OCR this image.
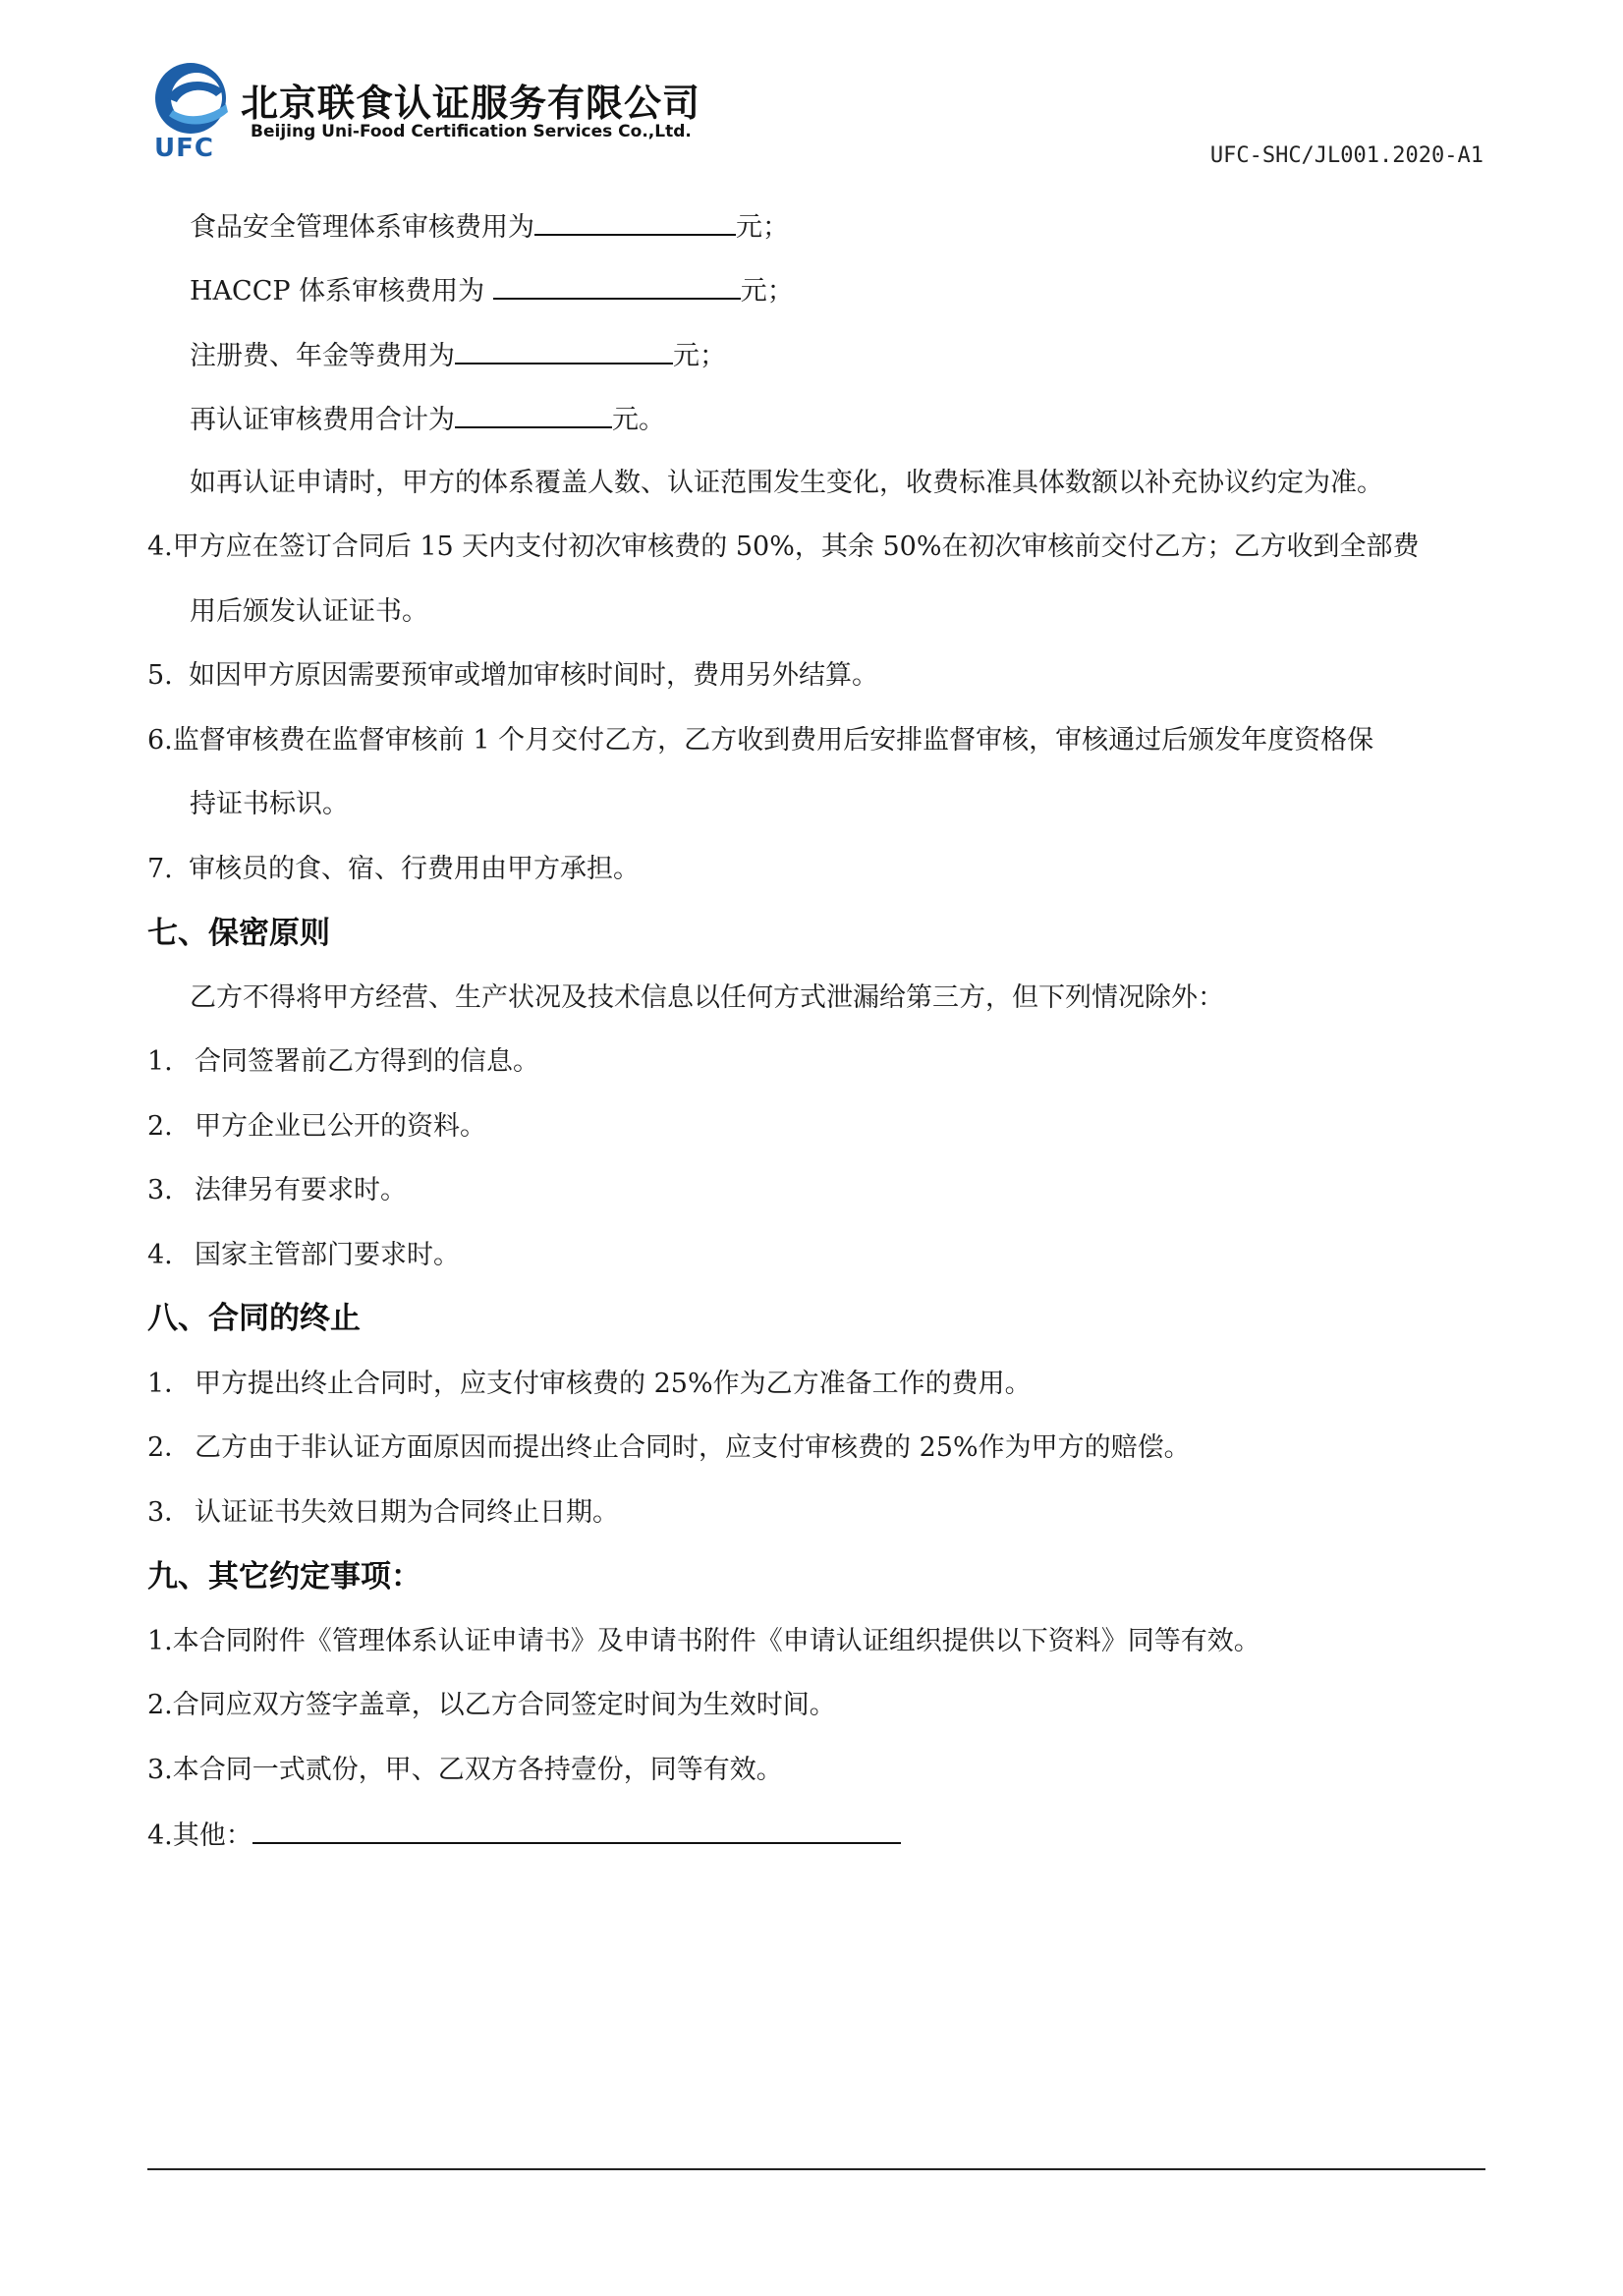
UFC
北京联食认证服务有限公司
Beijing Uni-Food Certification Services Co.,Ltd.
UFC-SHC/JL001.2020-A1
食品安全管理体系审核费用为	元；
HACCP 体系审核费用为	元；
注册费、年金等费用为	元；
再认证审核费用合计为	元。
如再认证申请时，甲方的体系覆盖人数、认证范围发生变化，收费标准具体数额以补充协议约定为准。
4.甲方应在签订合同后 15 天内支付初次审核费的 50%，其余 50%在初次审核前交付乙方；乙方收到全部费
用后颁发认证证书。
5. 如因甲方原因需要预审或增加审核时间时，费用另外结算。
6.监督审核费在监督审核前 1 个月交付乙方，乙方收到费用后安排监督审核，审核通过后颁发年度资格保
持证书标识。
7. 审核员的食、宿、行费用由甲方承担。
七、保密原则
乙方不得将甲方经营、生产状况及技术信息以任何方式泄漏给第三方，但下列情况除外：
1. 合同签署前乙方得到的信息。
2. 甲方企业已公开的资料。
3. 法律另有要求时。
4. 国家主管部门要求时。
八、合同的终止
1． 甲方提出终止合同时，应支付审核费的 25%作为乙方准备工作的费用。
2． 乙方由于非认证方面原因而提出终止合同时，应支付审核费的 25%作为甲方的赔偿。
3． 认证证书失效日期为合同终止日期。
九、其它约定事项：
1.本合同附件《管理体系认证申请书》及申请书附件《申请认证组织提供以下资料》同等有效。
2.合同应双方签字盖章，以乙方合同签定时间为生效时间。
3.本合同一式贰份，甲、乙双方各持壹份，同等有效。
4.其他：
